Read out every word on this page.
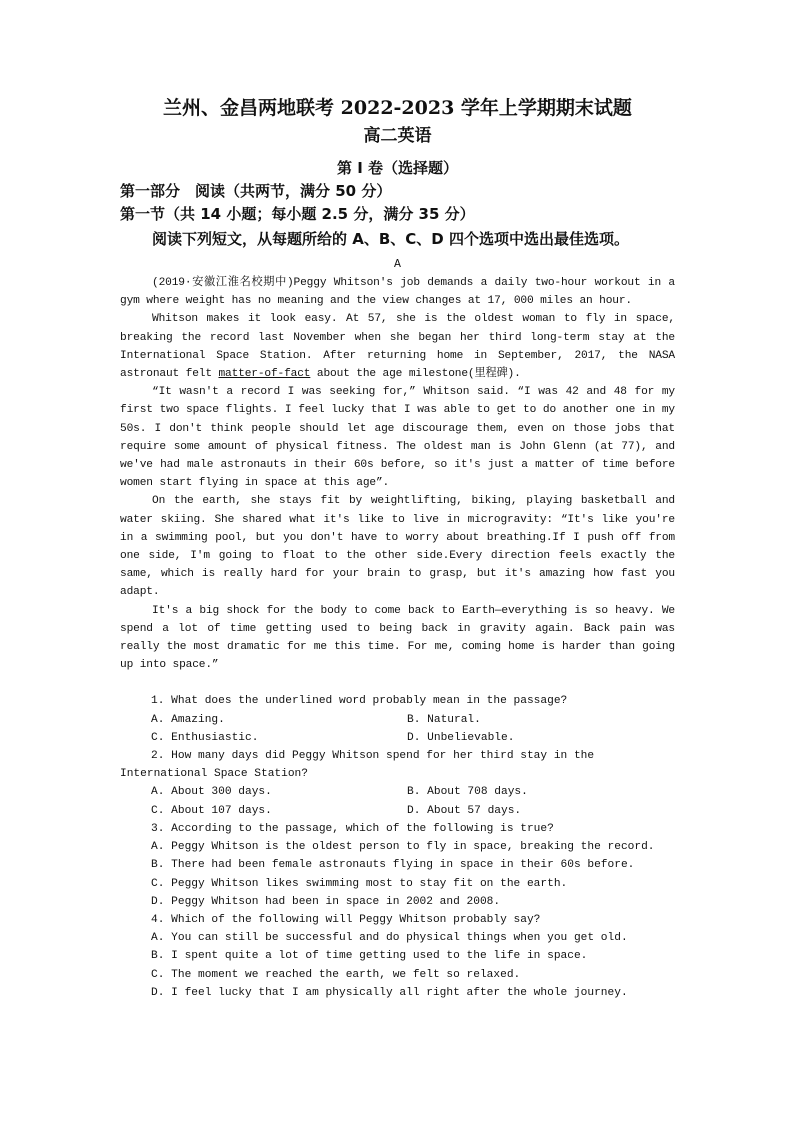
兰州、金昌两地联考 2022-2023 学年上学期期末试题

高二英语

第 I 卷（选择题）

第一部分　阅读（共两节，满分 50 分）

第一节（共 14 小题；每小题 2.5 分，满分 35 分）

阅读下列短文，从每题所给的 A、B、C、D 四个选项中选出最佳选项。

A

(2019·安徽江淮名校期中)Peggy Whitson's job demands a daily two-hour workout in a gym where weight has no meaning and the view changes at 17, 000 miles an hour.

Whitson makes it look easy. At 57, she is the oldest woman to fly in space, breaking the record last November when she began her third long-term stay at the International Space Station. After returning home in September, 2017, the NASA astronaut felt matter-of-fact about the age milestone(里程碑).

“It wasn't a record I was seeking for,” Whitson said. “I was 42 and 48 for my first two space flights. I feel lucky that I was able to get to do another one in my 50s. I don't think people should let age discourage them, even on those jobs that require some amount of physical fitness. The oldest man is John Glenn (at 77), and we've had male astronauts in their 60s before, so it's just a matter of time before women start flying in space at this age”.

On the earth, she stays fit by weightlifting, biking, playing basketball and water skiing. She shared what it's like to live in microgravity: “It's like you're in a swimming pool, but you don't have to worry about breathing.If I push off from one side, I'm going to float to the other side.Every direction feels exactly the same, which is really hard for your brain to grasp, but it's amazing how fast you adapt.

It's a big shock for the body to come back to Earth—everything is so heavy. We spend a lot of time getting used to being back in gravity again. Back pain was really the most dramatic for me this time. For me, coming home is harder than going up into space.”

1. What does the underlined word probably mean in the passage?

A. Amazing.	B. Natural.
C. Enthusiastic.	D. Unbelievable.

2. How many days did Peggy Whitson spend for her third stay in the International Space Station?

A. About 300 days.	B. About 708 days.
C. About 107 days.	D. About 57 days.

3. According to the passage, which of the following is true?

A. Peggy Whitson is the oldest person to fly in space, breaking the record.

B. There had been female astronauts flying in space in their 60s before.

C. Peggy Whitson likes swimming most to stay fit on the earth.

D. Peggy Whitson had been in space in 2002 and 2008.

4. Which of the following will Peggy Whitson probably say?

A. You can still be successful and do physical things when you get old.

B. I spent quite a lot of time getting used to the life in space.

C. The moment we reached the earth, we felt so relaxed.

D. I feel lucky that I am physically all right after the whole journey.
